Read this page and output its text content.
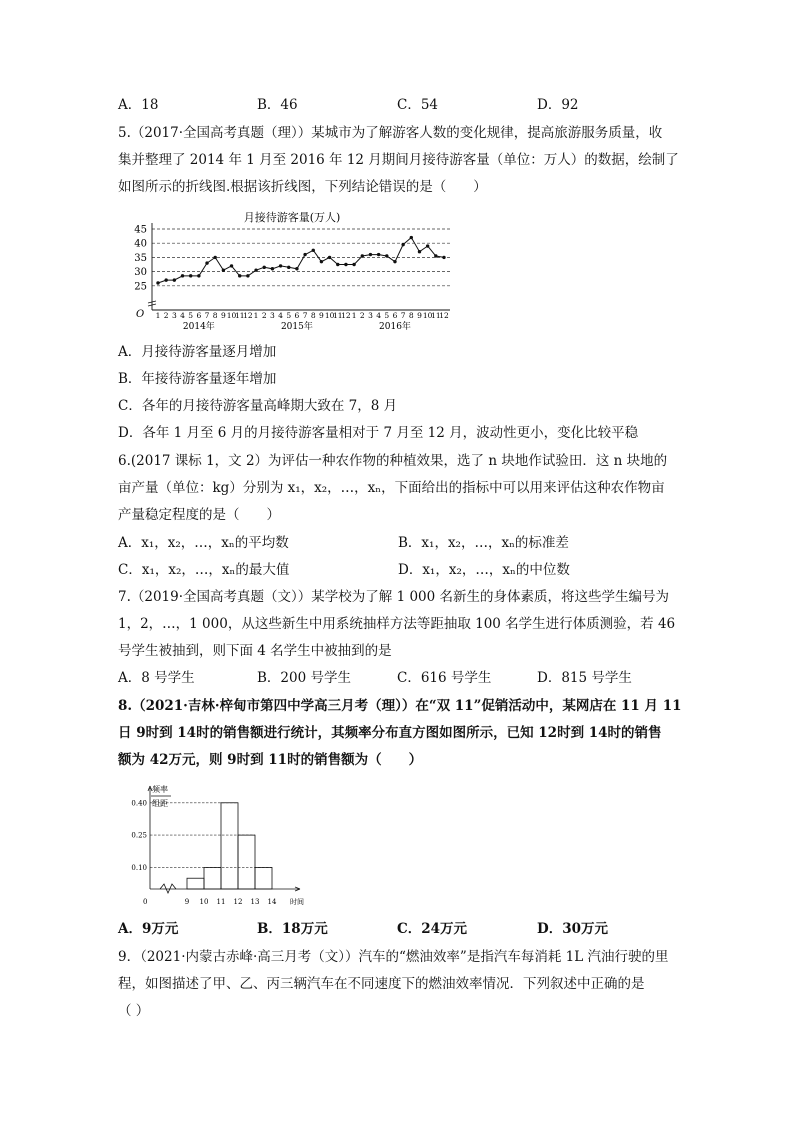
A．18	B．46	C．54	D．92
5.（2017·全国高考真题（理））某城市为了解游客人数的变化规律，提高旅游服务质量，收
集并整理了 2014 年 1 月至 2016 年 12 月期间月接待游客量（单位：万人）的数据，绘制了
如图所示的折线图.根据该折线图，下列结论错误的是（　　）
月接待游客量(万人)
45
40
35
30
25
O 1 2 3 4 5 6 7 8 9 10
11
12 1 2 3 4 5 6 7 8 9 10
11
12 1 2 3 4 5 6 7 8 9 10
11
12
2014年	2015年	2016年
A．月接待游客量逐月增加
B．年接待游客量逐年增加
C．各年的月接待游客量高峰期大致在 7，8 月
D．各年 1 月至 6 月的月接待游客量相对于 7 月至 12 月，波动性更小，变化比较平稳
6.(2017 课标 1，文 2）为评估一种农作物的种植效果，选了 n 块地作试验田．这 n 块地的
亩产量（单位：kg）分别为 x₁，x₂，…，xₙ，下面给出的指标中可以用来评估这种农作物亩
产量稳定程度的是（　　）
A．x₁，x₂，…，xₙ的平均数	B．x₁，x₂，…，xₙ的标准差
C．x₁，x₂，…，xₙ的最大值	D．x₁，x₂，…，xₙ的中位数
7.（2019·全国高考真题（文））某学校为了解 1 000 名新生的身体素质，将这些学生编号为
1，2，…，1 000，从这些新生中用系统抽样方法等距抽取 100 名学生进行体质测验，若 46
号学生被抽到，则下面 4 名学生中被抽到的是
A．8 号学生	B．200 号学生	C．616 号学生	D．815 号学生
8.（2021·吉林·梓甸市第四中学高三月考（理））在“双 11”促销活动中，某网店在 11 月 11
日 9时到 14时的销售额进行统计，其频率分布直方图如图所示，已知 12时到 14时的销售
额为 42万元，则 9时到 11时的销售额为（　　）
频率
组距
0.40
0.25
0.10
9 10 11 12 13 14 时间
0
A．9万元	B．18万元	C．24万元	D．30万元
9．（2021·内蒙古赤峰·高三月考（文））汽车的“燃油效率”是指汽车每消耗 1L 汽油行驶的里
程，如图描述了甲、乙、丙三辆汽车在不同速度下的燃油效率情况．下列叙述中正确的是
（ ）
